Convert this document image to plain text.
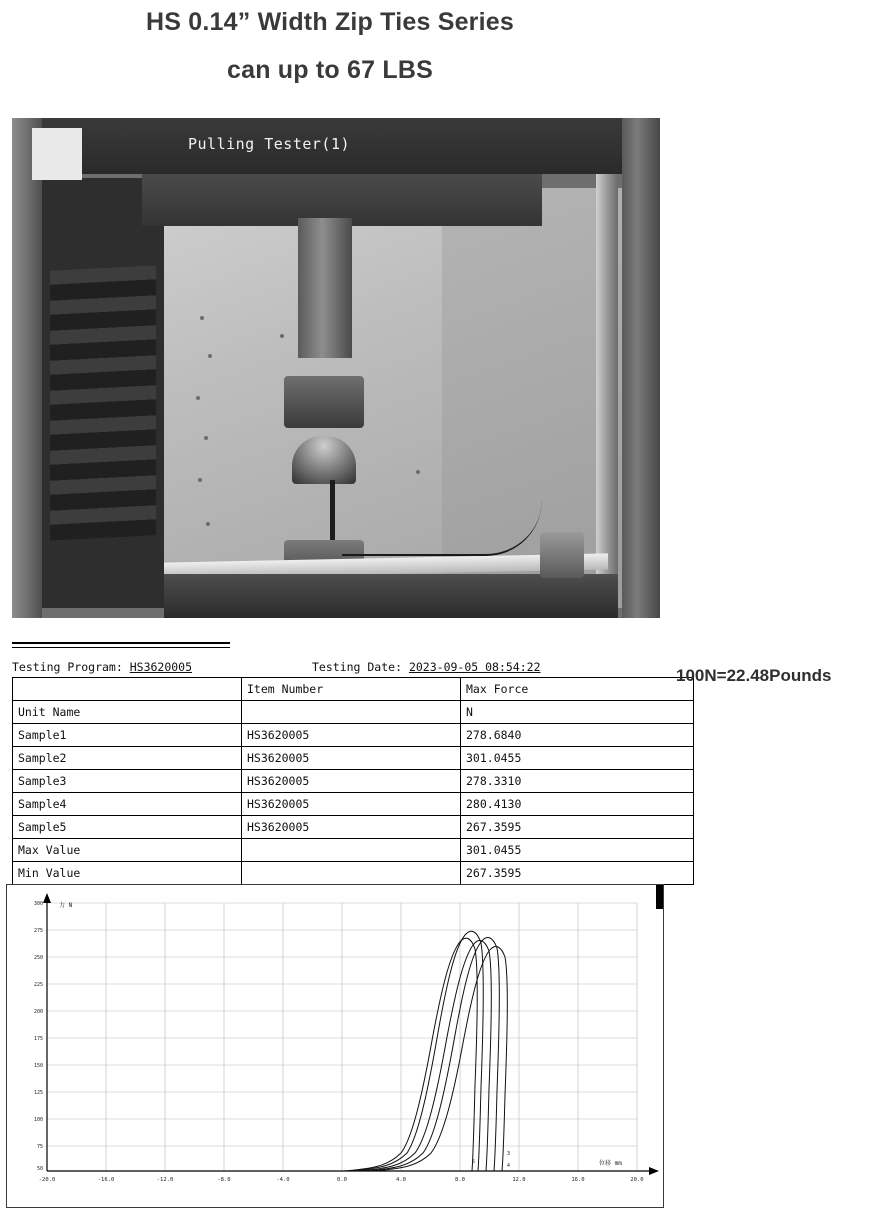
HS 0.14” Width Zip Ties Series
can up to 67 LBS
Pulling Tester(1)
Testing Program: HS3620005	Testing Date: 2023-09-05 08:54:22
	Item Number	Max Force
Unit Name		N
Sample1	HS3620005	278.6840
Sample2	HS3620005	301.0455
Sample3	HS3620005	278.3310
Sample4	HS3620005	280.4130
Sample5	HS3620005	267.3595
Max Value		301.0455
Min Value		267.3595
100N=22.48Pounds
300
275
250
225
200
175
150
125
100
75
50
力 N
-20.0	-16.0	-12.0	-8.0	-4.0	0.0	4.0	8.0	12.0	16.0	20.0
位移 mm
5
3
4
